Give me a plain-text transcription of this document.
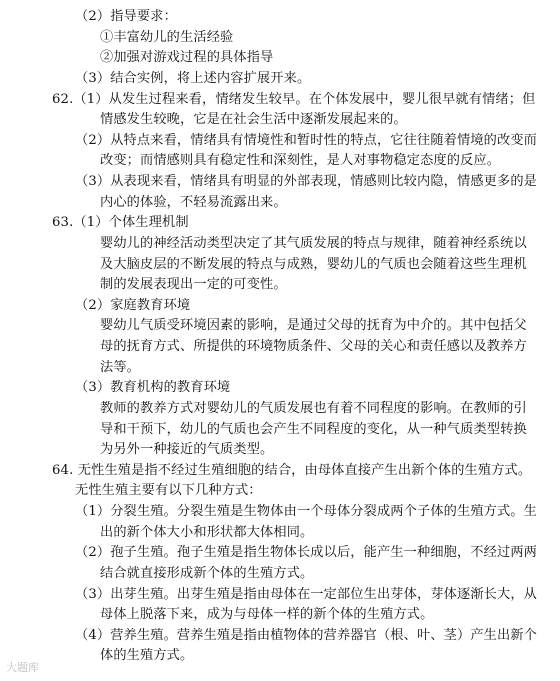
（2）指导要求：
①丰富幼儿的生活经验
②加强对游戏过程的具体指导
（3）结合实例，将上述内容扩展开来。
62.（1）从发生过程来看，情绪发生较早。在个体发展中，婴儿很早就有情绪；但
情感发生较晚，它是在社会生活中逐渐发展起来的。
（2）从特点来看，情绪具有情境性和暂时性的特点，它往往随着情境的改变而
改变；而情感则具有稳定性和深刻性，是人对事物稳定态度的反应。
（3）从表现来看，情绪具有明显的外部表现，情感则比较内隐，情感更多的是
内心的体验，不轻易流露出来。
63.（1）个体生理机制
婴幼儿的神经活动类型决定了其气质发展的特点与规律，随着神经系统以
及大脑皮层的不断发展的特点与成熟，婴幼儿的气质也会随着这些生理机
制的发展表现出一定的可变性。
（2）家庭教育环境
婴幼儿气质受环境因素的影响，是通过父母的抚育为中介的。其中包括父
母的抚育方式、所提供的环境物质条件、父母的关心和责任感以及教养方
法等。
（3）教育机构的教育环境
教师的教养方式对婴幼儿的气质发展也有着不同程度的影响。在教师的引
导和干预下，幼儿的气质也会产生不同程度的变化，从一种气质类型转换
为另外一种接近的气质类型。
64. 无性生殖是指不经过生殖细胞的结合，由母体直接产生出新个体的生殖方式。
无性生殖主要有以下几种方式：
（1）分裂生殖。分裂生殖是生物体由一个母体分裂成两个子体的生殖方式。生
出的新个体大小和形状都大体相同。
（2）孢子生殖。孢子生殖是指生物体长成以后，能产生一种细胞，不经过两两
结合就直接形成新个体的生殖方式。
（3）出芽生殖。出芽生殖是指由母体在一定部位生出芽体，芽体逐渐长大，从
母体上脱落下来，成为与母体一样的新个体的生殖方式。
（4）营养生殖。营养生殖是指由植物体的营养器官（根、叶、茎）产生出新个
体的生殖方式。
大题库
